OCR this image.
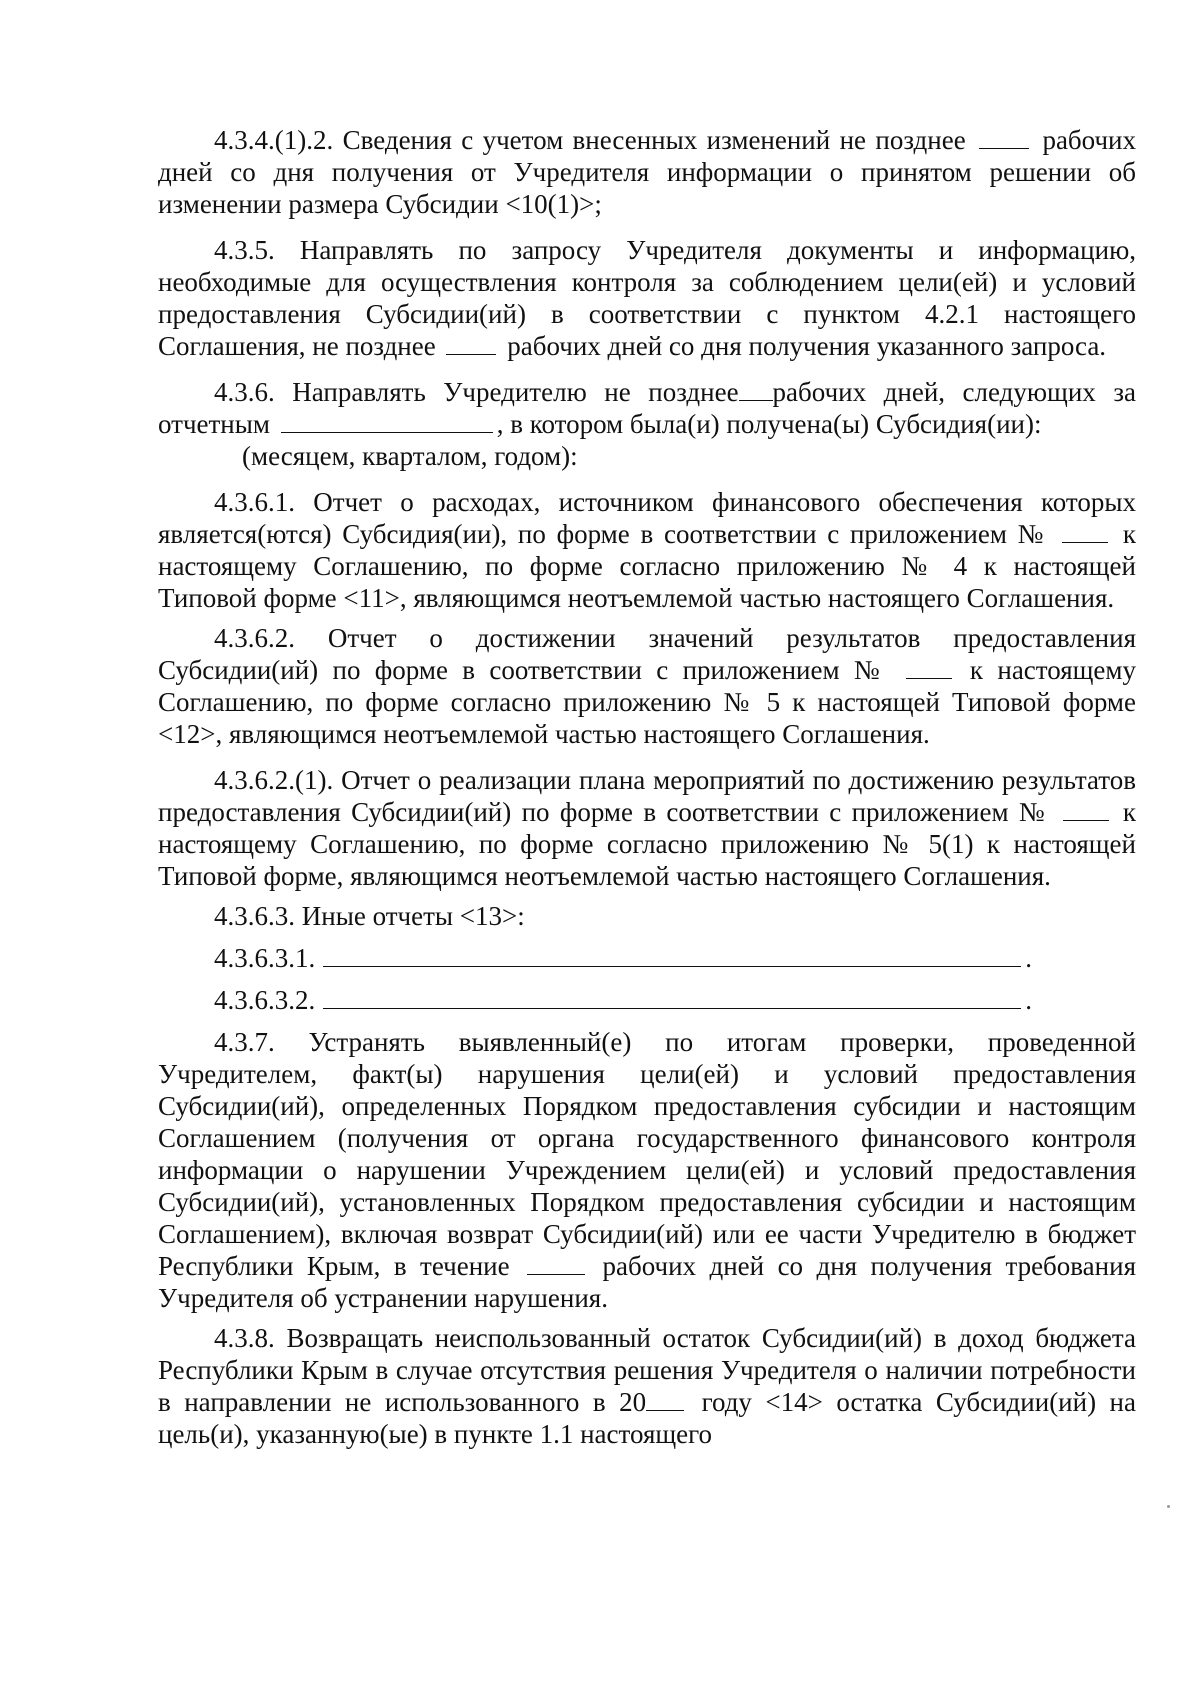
4.3.4.(1).2. Сведения с учетом внесенных изменений не позднее  рабочих дней со дня получения от Учредителя информации о принятом решении об изменении размера Субсидии <10(1)>;

4.3.5. Направлять по запросу Учредителя документы и информацию, необходимые для осуществления контроля за соблюдением цели(ей) и условий предоставления Субсидии(ий) в соответствии с пунктом 4.2.1 настоящего Соглашения, не позднее  рабочих дней со дня получения указанного запроса.

4.3.6. Направлять Учредителю не позднее рабочих дней, следующих за отчетным	, в котором была(и) получена(ы) Субсидия(ии):

(месяцем, кварталом, годом):

4.3.6.1. Отчет о расходах, источником финансового обеспечения которых является(ются) Субсидия(ии), по форме в соответствии с приложением №  к настоящему Соглашению, по форме согласно приложению № 4 к настоящей Типовой форме <11>, являющимся неотъемлемой частью настоящего Соглашения.

4.3.6.2. Отчет о достижении значений результатов предоставления Субсидии(ий) по форме в соответствии с приложением №  к настоящему Соглашению, по форме согласно приложению № 5 к настоящей Типовой форме <12>, являющимся неотъемлемой частью настоящего Соглашения.

4.3.6.2.(1). Отчет о реализации плана мероприятий по достижению результатов предоставления Субсидии(ий) по форме в соответствии с приложением №  к настоящему Соглашению, по форме согласно приложению № 5(1) к настоящей Типовой форме, являющимся неотъемлемой частью настоящего Соглашения.

4.3.6.3. Иные отчеты <13>:

4.3.6.3.1.	.
4.3.6.3.2.	.

4.3.7. Устранять выявленный(е) по итогам проверки, проведенной Учредителем, факт(ы) нарушения цели(ей) и условий предоставления Субсидии(ий), определенных Порядком предоставления субсидии и настоящим Соглашением (получения от органа государственного финансового контроля информации о нарушении Учреждением цели(ей) и условий предоставления Субсидии(ий), установленных Порядком предоставления субсидии и настоящим Соглашением), включая возврат Субсидии(ий) или ее части Учредителю в бюджет Республики Крым, в течение  рабочих дней со дня получения требования Учредителя об устранении нарушения.

4.3.8. Возвращать неиспользованный остаток Субсидии(ий) в доход бюджета Республики Крым в случае отсутствия решения Учредителя о наличии потребности в направлении не использованного в 20 году <14> остатка Субсидии(ий) на цель(и), указанную(ые) в пункте 1.1 настоящего
